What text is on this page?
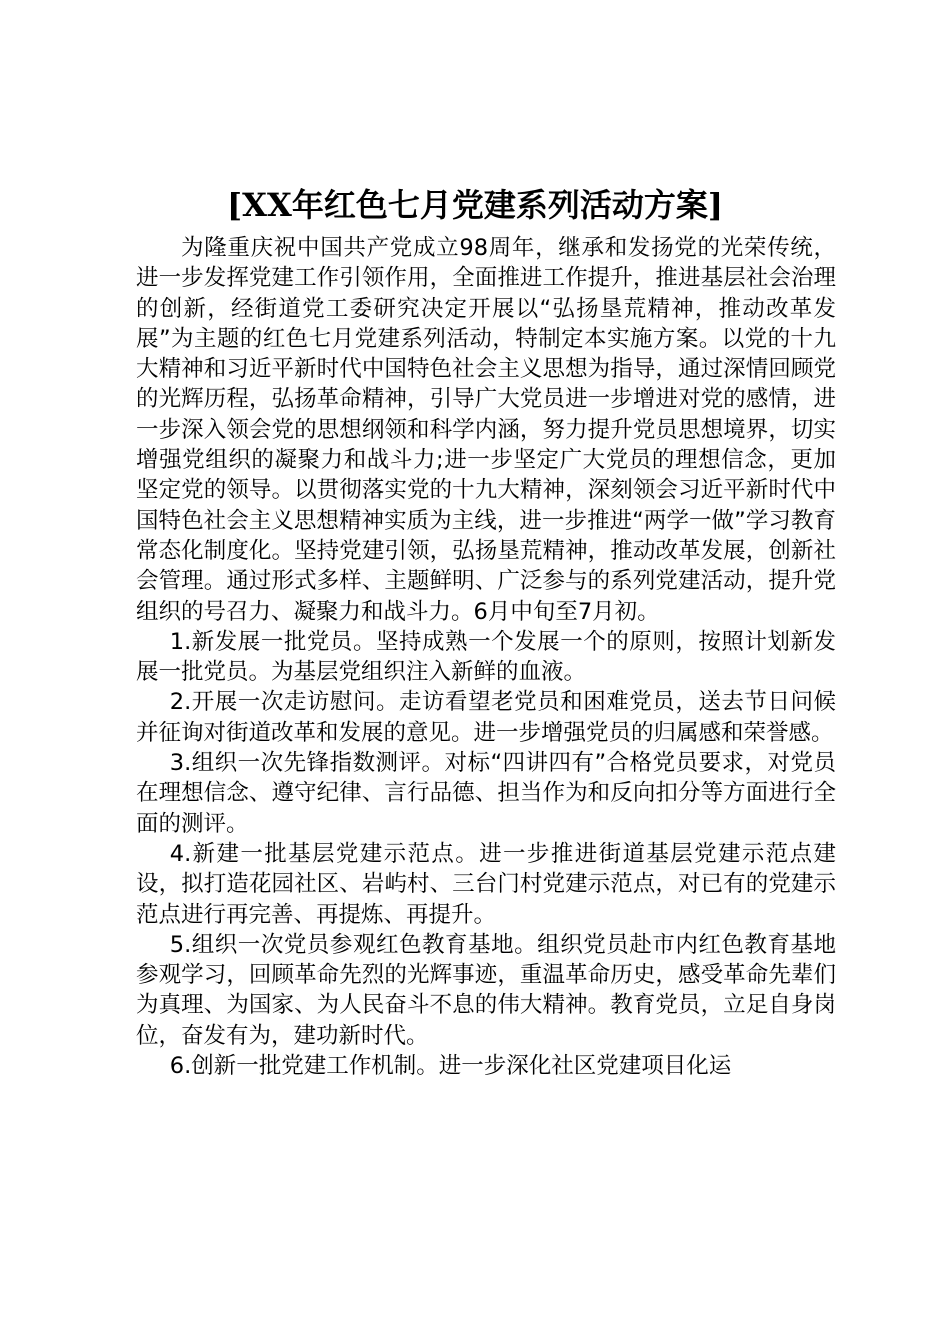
[XX年红色七月党建系列活动方案]

为隆重庆祝中国共产党成立98周年，继承和发扬党的光荣传统，进一步发挥党建工作引领作用，全面推进工作提升，推进基层社会治理的创新，经街道党工委研究决定开展以“弘扬垦荒精神，推动改革发展”为主题的红色七月党建系列活动，特制定本实施方案。以党的十九大精神和习近平新时代中国特色社会主义思想为指导，通过深情回顾党的光辉历程，弘扬革命精神，引导广大党员进一步增进对党的感情，进一步深入领会党的思想纲领和科学内涵，努力提升党员思想境界，切实增强党组织的凝聚力和战斗力;进一步坚定广大党员的理想信念，更加坚定党的领导。以贯彻落实党的十九大精神，深刻领会习近平新时代中国特色社会主义思想精神实质为主线，进一步推进“两学一做”学习教育常态化制度化。坚持党建引领，弘扬垦荒精神，推动改革发展，创新社会管理。通过形式多样、主题鲜明、广泛参与的系列党建活动，提升党组织的号召力、凝聚力和战斗力。6月中旬至7月初。

1.新发展一批党员。坚持成熟一个发展一个的原则，按照计划新发展一批党员。为基层党组织注入新鲜的血液。

2.开展一次走访慰问。走访看望老党员和困难党员，送去节日问候并征询对街道改革和发展的意见。进一步增强党员的归属感和荣誉感。

3.组织一次先锋指数测评。对标“四讲四有”合格党员要求，对党员在理想信念、遵守纪律、言行品德、担当作为和反向扣分等方面进行全面的测评。

4.新建一批基层党建示范点。进一步推进街道基层党建示范点建设，拟打造花园社区、岩屿村、三台门村党建示范点，对已有的党建示范点进行再完善、再提炼、再提升。

5.组织一次党员参观红色教育基地。组织党员赴市内红色教育基地参观学习，回顾革命先烈的光辉事迹，重温革命历史，感受革命先辈们为真理、为国家、为人民奋斗不息的伟大精神。教育党员，立足自身岗位，奋发有为，建功新时代。

6.创新一批党建工作机制。进一步深化社区党建项目化运
